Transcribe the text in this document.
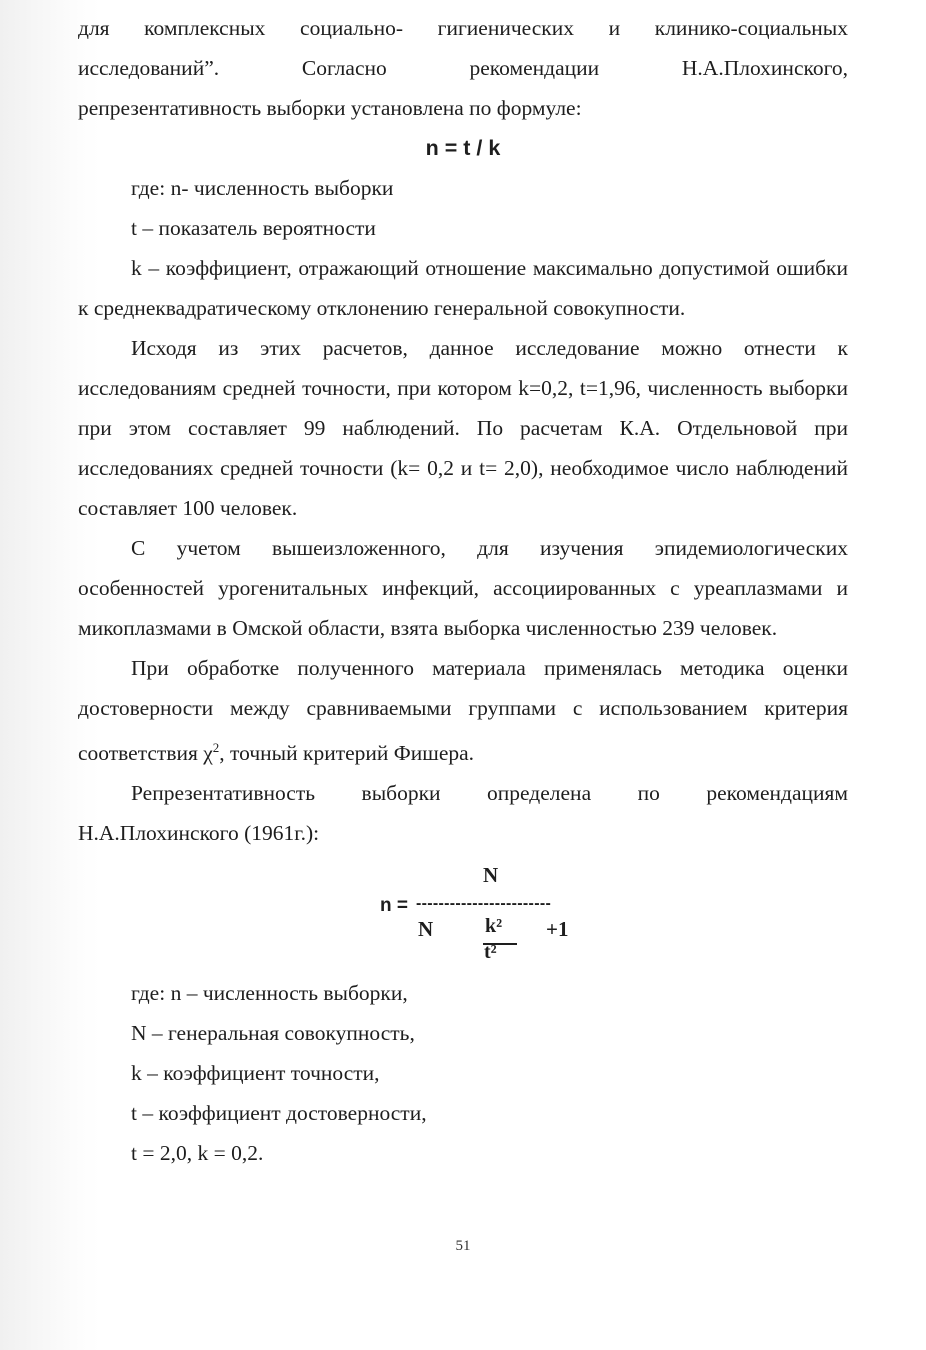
для комплексных социально- гигиенических и клинико-социальных

исследований”. Согласно рекомендации Н.А.Плохинского,

репрезентативность выборки установлена по формуле:

n = t / k

где: n- численность выборки

t – показатель вероятности

k – коэффициент, отражающий отношение максимально допустимой ошибки к среднеквадратическому отклонению генеральной совокупности.

Исходя из этих расчетов, данное исследование можно отнести к исследованиям средней точности, при котором k=0,2, t=1,96, численность выборки при этом составляет 99 наблюдений. По расчетам К.А. Отдельновой при исследованиях средней точности (k= 0,2 и t= 2,0), необходимое число наблюдений составляет 100 человек.

С учетом вышеизложенного, для изучения эпидемиологических особенностей урогенитальных инфекций, ассоциированных с уреаплазмами и микоплазмами в Омской области, взята выборка численностью 239 человек.

При обработке полученного материала применялась методика оценки достоверности между сравниваемыми группами с использованием критерия соответствия $\chi^2$, точный критерий Фишера.

Репрезентативность выборки определена по рекомендациям

Н.А.Плохинского (1961г.):

N
n = ------------------------
N	k²
t²
+1

где: n – численность выборки,

N – генеральная совокупность,

k – коэффициент точности,

t – коэффициент достоверности,

t = 2,0, k = 0,2.

51
